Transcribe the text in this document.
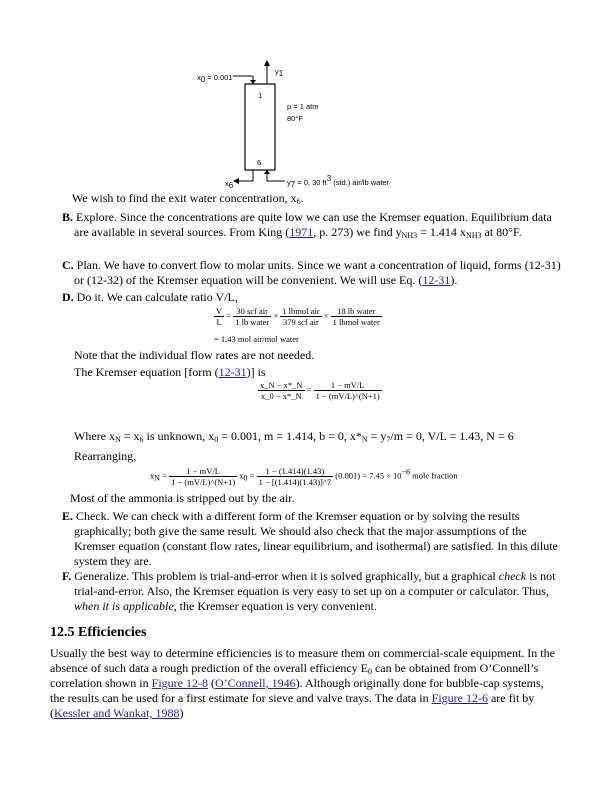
$x_0 = 0.001$
$y_1$
1
6
p = 1 atm
80°F
$x_6$	$y_7 = 0$, 30 $ft^3$ (std.) air/lb water
We wish to find the exit water concentration, $x_6$.
B. Explore. Since the concentrations are quite low we can use the Kremser equation. Equilibrium data are available in several sources. From King (1971, p. 273) we find $y_{NH3} = 1.414$ $x_{NH3}$ at 80°F.
C. Plan. We have to convert flow to molar units. Since we want a concentration of liquid, forms (12-31) or (12-32) of the Kremser equation will be convenient. We will use Eq. (12-31).
D. Do it. We can calculate ratio V/L,
$\frac{V}{L} = \frac{\text{30 scf air}}{\text{1 lb water}} \times \frac{\text{1 lbmol air}}{\text{379 scf air}} \times \frac{\text{18 lb water}}{\text{1 lbmol water}}$
= 1.43 mol air/mol water
Note that the individual flow rates are not needed.
The Kremser equation [form (12-31)] is
$\frac{x\_N - x*\_N}{x\_0 - x*\_N} = \frac{1 - mV/L}{1 - (mV/L)\^{}(N+1)}$
Where $x_N = x_6$ is unknown, $x_0 = 0.001$, m = 1.414, b = 0, $x*_N = y_7/m = 0$, V/L = 1.43, N = 6
Rearranging,
$x_N = \frac{1 - mV/L}{1 - (mV/L)\^{}(N+1)} x_0 = \frac{1 - (1.414)(1.43)}{1 - [(1.414)(1.43)]\^{}7} (0.001) = 7.45 \times 10^{-6}$ mole fraction
Most of the ammonia is stripped out by the air.
E. Check. We can check with a different form of the Kremser equation or by solving the results graphically; both give the same result. We should also check that the major assumptions of the Kremser equation (constant flow rates, linear equilibrium, and isothermal) are satisfied. In this dilute system they are.
F. Generalize. This problem is trial-and-error when it is solved graphically, but a graphical check is not trial-and-error. Also, the Kremser equation is very easy to set up on a computer or calculator. Thus, when it is applicable, the Kremser equation is very convenient.
12.5 Efficiencies
Usually the best way to determine efficiencies is to measure them on commercial-scale equipment. In the absence of such data a rough prediction of the overall efficiency $E_0$ can be obtained from O’Connell’s correlation shown in Figure 12-8 (O’Connell, 1946). Although originally done for bubble-cap systems, the results can be used for a first estimate for sieve and valve trays. The data in Figure 12-6 are fit by (Kessler and Wankat, 1988)
